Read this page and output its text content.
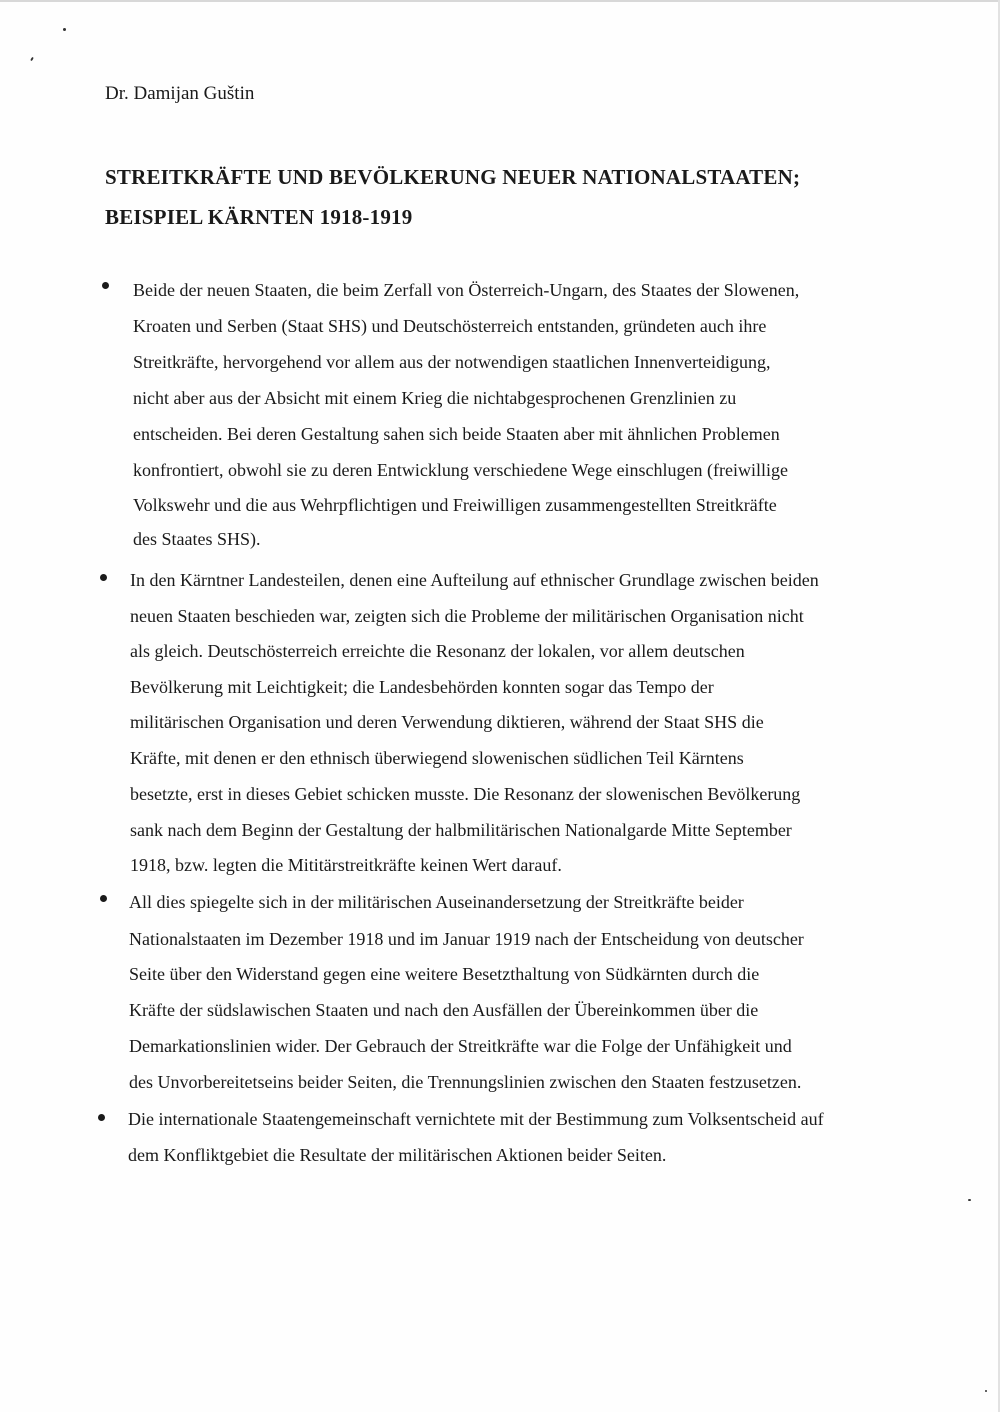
Dr. Damijan Guštin
STREITKRÄFTE UND BEVÖLKERUNG NEUER NATIONALSTAATEN;
BEISPIEL KÄRNTEN 1918-1919
Beide der neuen Staaten, die beim Zerfall von Österreich-Ungarn, des Staates der Slowenen,
Kroaten und Serben (Staat SHS) und Deutschösterreich entstanden, gründeten auch ihre
Streitkräfte, hervorgehend vor allem aus der notwendigen staatlichen Innenverteidigung,
nicht aber aus der Absicht mit einem Krieg die nichtabgesprochenen Grenzlinien zu
entscheiden. Bei deren Gestaltung sahen sich beide Staaten aber mit ähnlichen Problemen
konfrontiert, obwohl sie zu deren Entwicklung verschiedene Wege einschlugen (freiwillige
Volkswehr und die aus Wehrpflichtigen und Freiwilligen zusammengestellten Streitkräfte
des Staates SHS).
In den Kärntner Landesteilen, denen eine Aufteilung auf ethnischer Grundlage zwischen beiden
neuen Staaten beschieden war, zeigten sich die Probleme der militärischen Organisation nicht
als gleich. Deutschösterreich erreichte die Resonanz der lokalen, vor allem deutschen
Bevölkerung mit Leichtigkeit; die Landesbehörden konnten sogar das Tempo der
militärischen Organisation und deren Verwendung diktieren, während der Staat SHS die
Kräfte, mit denen er den ethnisch überwiegend slowenischen südlichen Teil Kärntens
besetzte, erst in dieses Gebiet schicken musste. Die Resonanz der slowenischen Bevölkerung
sank nach dem Beginn der Gestaltung der halbmilitärischen Nationalgarde Mitte September
1918, bzw. legten die Mititärstreitkräfte keinen Wert darauf.
All dies spiegelte sich in der militärischen Auseinandersetzung der Streitkräfte beider
Nationalstaaten im Dezember 1918 und im Januar 1919 nach der Entscheidung von deutscher
Seite über den Widerstand gegen eine weitere Besetzthaltung von Südkärnten durch die
Kräfte der südslawischen Staaten und nach den Ausfällen der Übereinkommen über die
Demarkationslinien wider. Der Gebrauch der Streitkräfte war die Folge der Unfähigkeit und
des Unvorbereitetseins beider Seiten, die Trennungslinien zwischen den Staaten festzusetzen.
Die internationale Staatengemeinschaft vernichtete mit der Bestimmung zum Volksentscheid auf
dem Konfliktgebiet die Resultate der militärischen Aktionen beider Seiten.
